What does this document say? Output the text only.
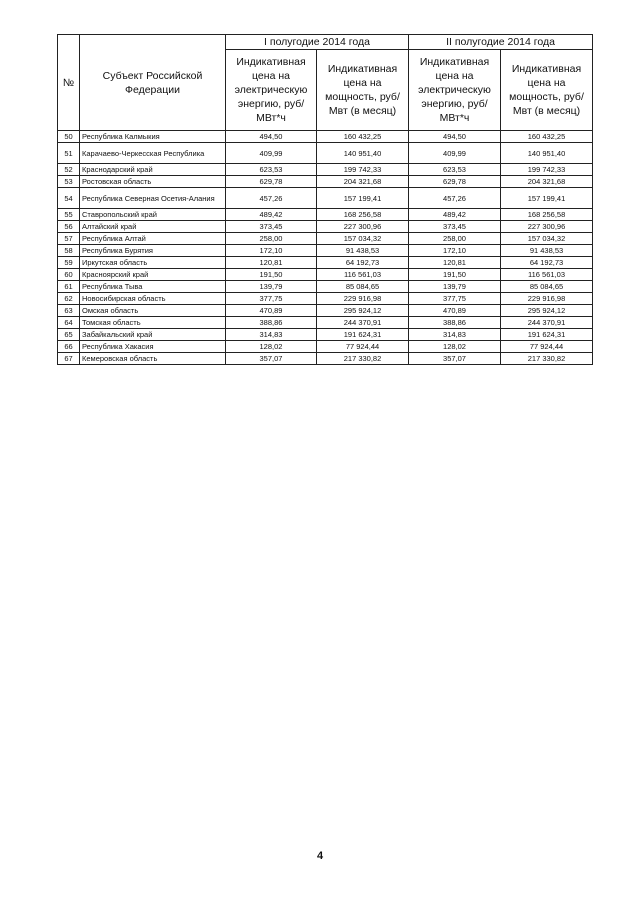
№	Субъект Российской Федерации	I полугодие 2014 года		II полугодие 2014 года	
		Индикативная цена на электрическую энергию, руб/МВт*ч	Индикативная цена на мощность, руб/Мвт (в месяц)	Индикативная цена на электрическую энергию, руб/МВт*ч	Индикативная цена на мощность, руб/Мвт (в месяц)
50	Республика Калмыкия	494,50	160 432,25	494,50	160 432,25
51	Карачаево-Черкесская Республика	409,99	140 951,40	409,99	140 951,40
52	Краснодарский край	623,53	199 742,33	623,53	199 742,33
53	Ростовская область	629,78	204 321,68	629,78	204 321,68
54	Республика Северная Осетия-Алания	457,26	157 199,41	457,26	157 199,41
55	Ставропольский край	489,42	168 256,58	489,42	168 256,58
56	Алтайский край	373,45	227 300,96	373,45	227 300,96
57	Республика Алтай	258,00	157 034,32	258,00	157 034,32
58	Республика Бурятия	172,10	91 438,53	172,10	91 438,53
59	Иркутская область	120,81	64 192,73	120,81	64 192,73
60	Красноярский край	191,50	116 561,03	191,50	116 561,03
61	Республика Тыва	139,79	85 084,65	139,79	85 084,65
62	Новосибирская область	377,75	229 916,98	377,75	229 916,98
63	Омская область	470,89	295 924,12	470,89	295 924,12
64	Томская область	388,86	244 370,91	388,86	244 370,91
65	Забайкальский край	314,83	191 624,31	314,83	191 624,31
66	Республика Хакасия	128,02	77 924,44	128,02	77 924,44
67	Кемеровская область	357,07	217 330,82	357,07	217 330,82
4
